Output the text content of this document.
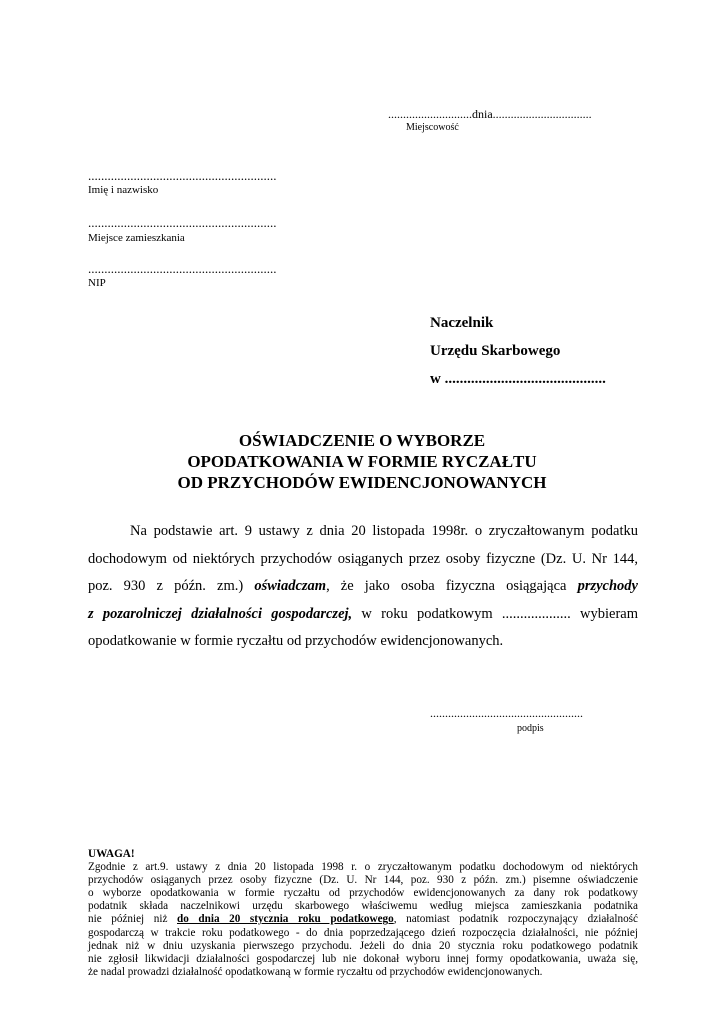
............................dnia.................................
Miejscowość
..........................................................
Imię i nazwisko
..........................................................
Miejsce zamieszkania
..........................................................
NIP
Naczelnik
Urzędu Skarbowego
w ...........................................
OŚWIADCZENIE O WYBORZE
OPODATKOWANIA W FORMIE RYCZAŁTU
OD PRZYCHODÓW EWIDENCJONOWANYCH
Na podstawie art. 9 ustawy z dnia 20 listopada 1998r. o zryczałtowanym podatku
dochodowym od niektórych przychodów osiąganych przez osoby fizyczne (Dz. U. Nr 144,
poz. 930 z późn. zm.) oświadczam, że jako osoba fizyczna osiągająca przychody
z pozarolniczej działalności gospodarczej, w roku podatkowym ................... wybieram
opodatkowanie w formie ryczałtu od przychodów ewidencjonowanych.
...................................................
podpis
UWAGA!
Zgodnie z art.9. ustawy z dnia 20 listopada 1998 r. o zryczałtowanym podatku dochodowym od niektórych
przychodów osiąganych przez osoby fizyczne (Dz. U. Nr 144, poz. 930 z późn. zm.) pisemne oświadczenie
o wyborze opodatkowania w formie ryczałtu od przychodów ewidencjonowanych za dany rok podatkowy
podatnik składa naczelnikowi urzędu skarbowego właściwemu według miejsca zamieszkania podatnika
nie później niż do dnia 20 stycznia roku podatkowego, natomiast podatnik rozpoczynający działalność
gospodarczą w trakcie roku podatkowego - do dnia poprzedzającego dzień rozpoczęcia działalności, nie później
jednak niż w dniu uzyskania pierwszego przychodu. Jeżeli do dnia 20 stycznia roku podatkowego podatnik
nie zgłosił likwidacji działalności gospodarczej lub nie dokonał wyboru innej formy opodatkowania, uważa się,
że nadal prowadzi działalność opodatkowaną w formie ryczałtu od przychodów ewidencjonowanych.
